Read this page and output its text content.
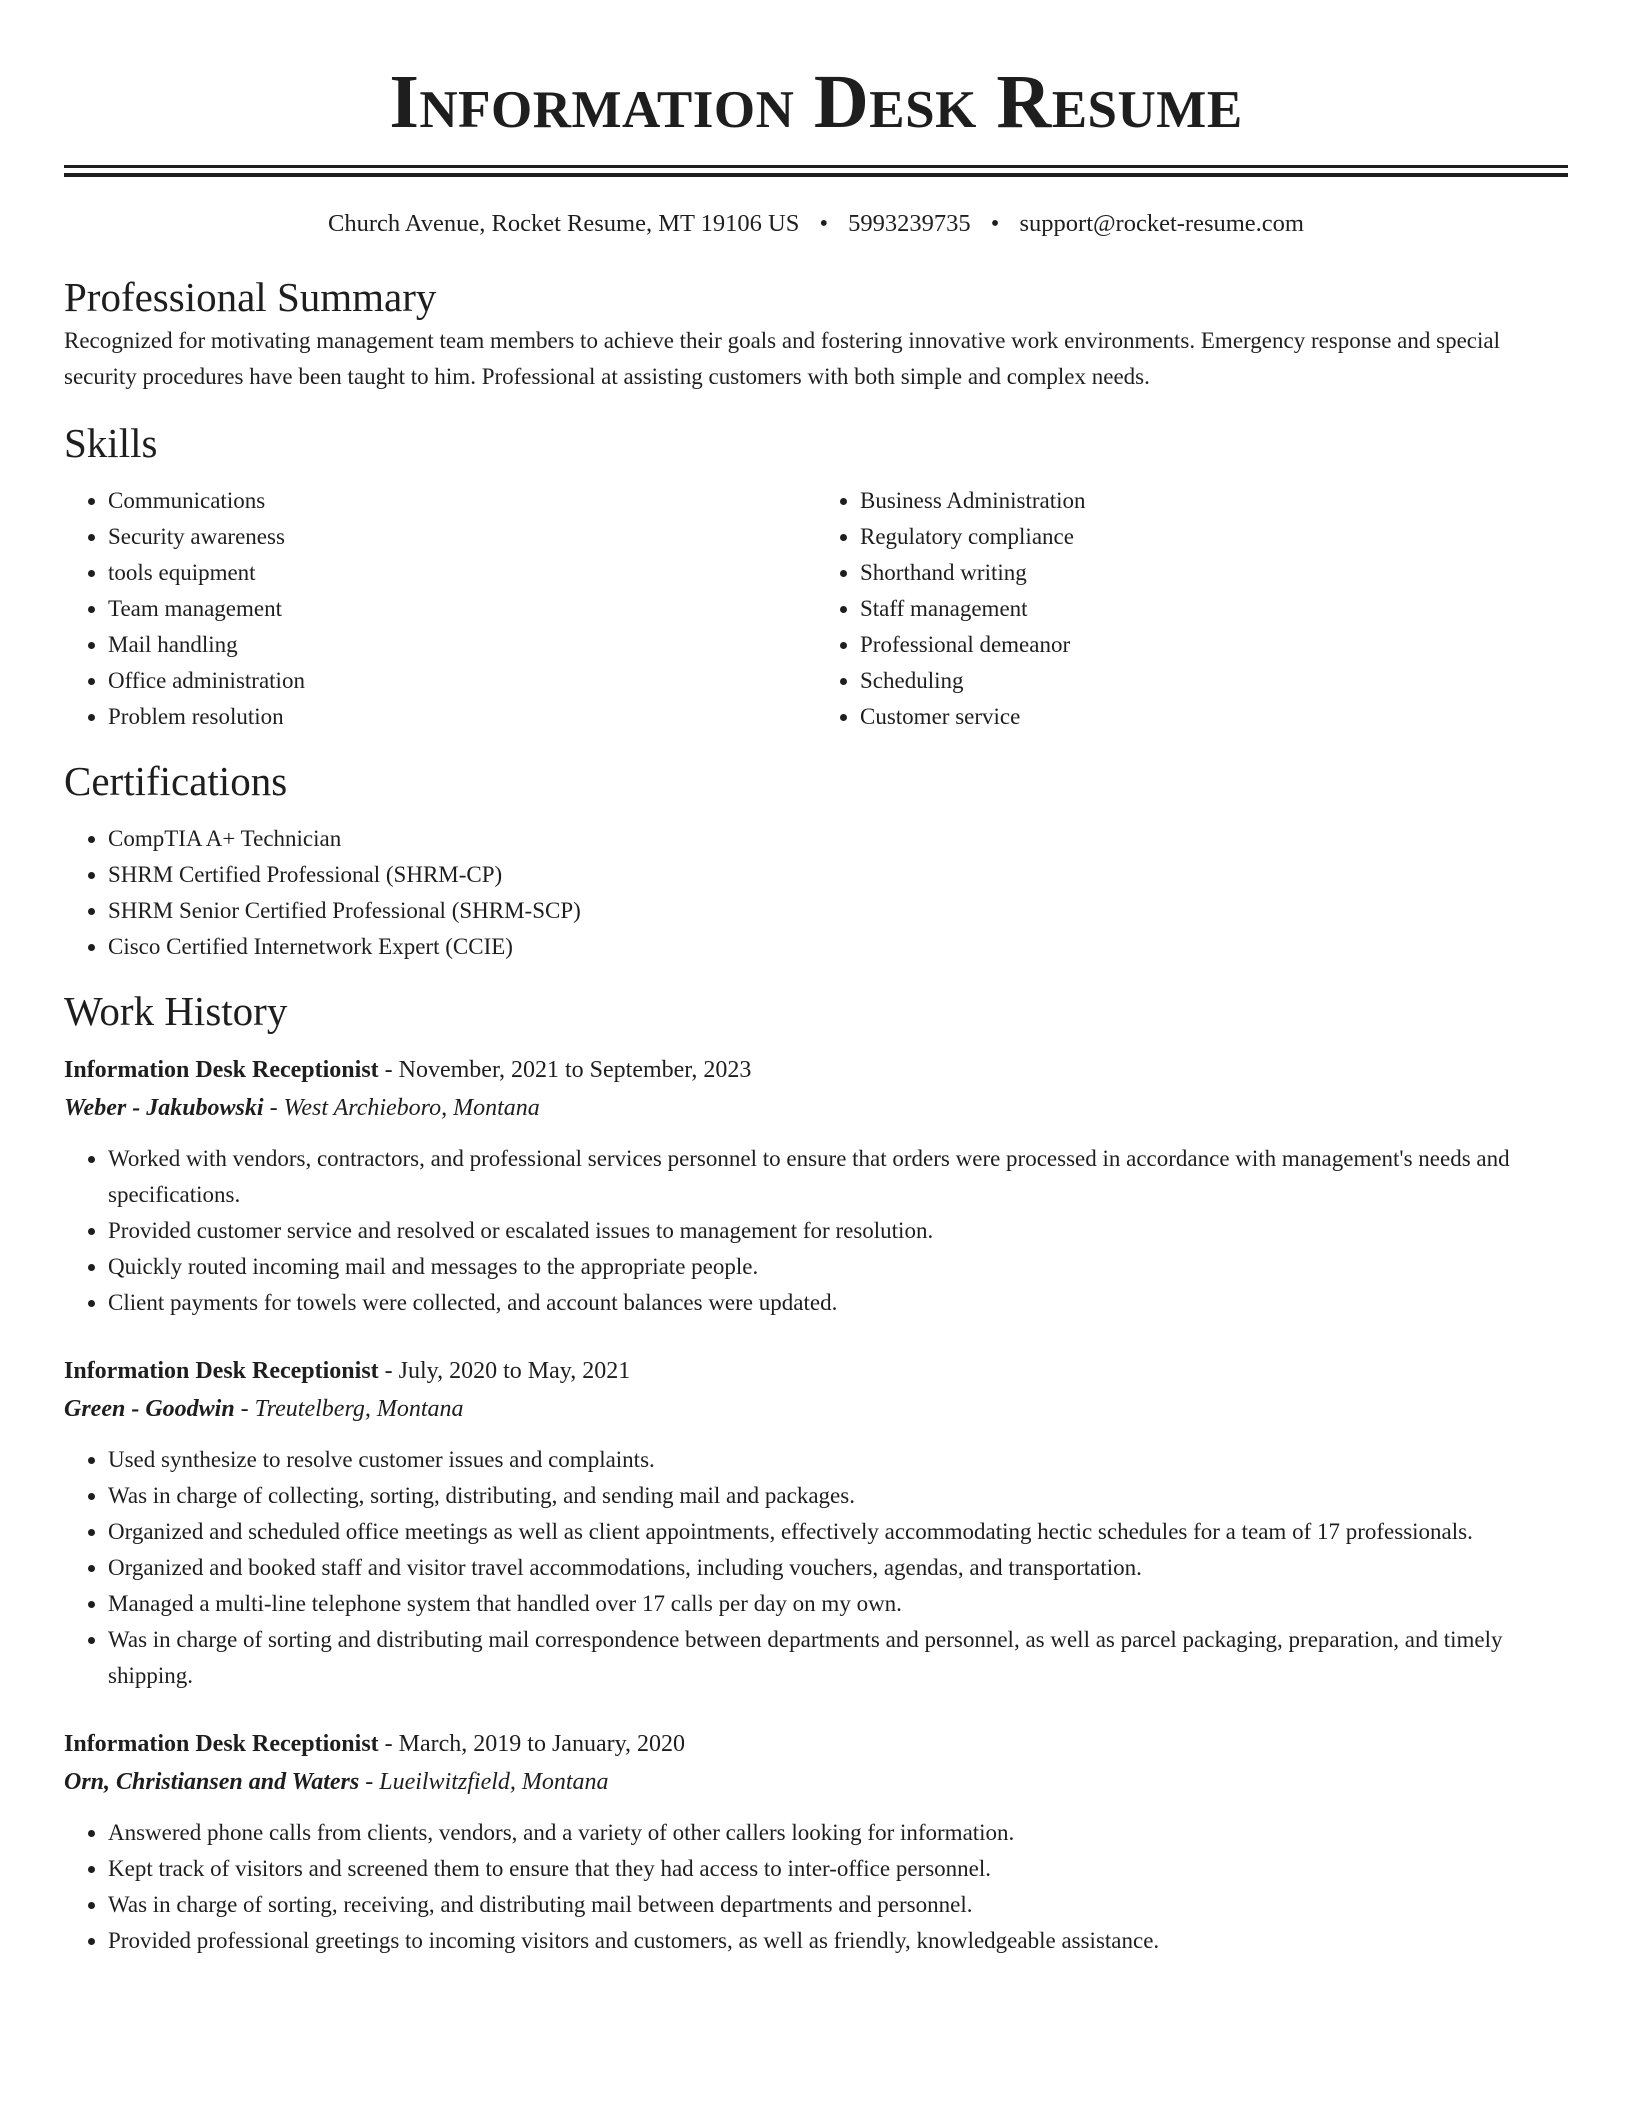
Information Desk Resume
Church Avenue, Rocket Resume, MT 19106 US • 5993239735 • support@rocket-resume.com
Professional Summary

Recognized for motivating management team members to achieve their goals and fostering innovative work environments. Emergency response and special security procedures have been taught to him. Professional at assisting customers with both simple and complex needs.

Skills
• Communications
• Security awareness
• tools equipment
• Team management
• Mail handling
• Office administration
• Problem resolution
• Business Administration
• Regulatory compliance
• Shorthand writing
• Staff management
• Professional demeanor
• Scheduling
• Customer service
Certifications
• CompTIA A+ Technician
• SHRM Certified Professional (SHRM-CP)
• SHRM Senior Certified Professional (SHRM-SCP)
• Cisco Certified Internetwork Expert (CCIE)
Work History
Information Desk Receptionist - November, 2021 to September, 2023
Weber - Jakubowski - West Archieboro, Montana
• Worked with vendors, contractors, and professional services personnel to ensure that orders were processed in accordance with management's needs and specifications.
• Provided customer service and resolved or escalated issues to management for resolution.
• Quickly routed incoming mail and messages to the appropriate people.
• Client payments for towels were collected, and account balances were updated.
Information Desk Receptionist - July, 2020 to May, 2021
Green - Goodwin - Treutelberg, Montana
• Used synthesize to resolve customer issues and complaints.
• Was in charge of collecting, sorting, distributing, and sending mail and packages.
• Organized and scheduled office meetings as well as client appointments, effectively accommodating hectic schedules for a team of 17 professionals.
• Organized and booked staff and visitor travel accommodations, including vouchers, agendas, and transportation.
• Managed a multi-line telephone system that handled over 17 calls per day on my own.
• Was in charge of sorting and distributing mail correspondence between departments and personnel, as well as parcel packaging, preparation, and timely shipping.
Information Desk Receptionist - March, 2019 to January, 2020
Orn, Christiansen and Waters - Lueilwitzfield, Montana
• Answered phone calls from clients, vendors, and a variety of other callers looking for information.
• Kept track of visitors and screened them to ensure that they had access to inter-office personnel.
• Was in charge of sorting, receiving, and distributing mail between departments and personnel.
• Provided professional greetings to incoming visitors and customers, as well as friendly, knowledgeable assistance.
